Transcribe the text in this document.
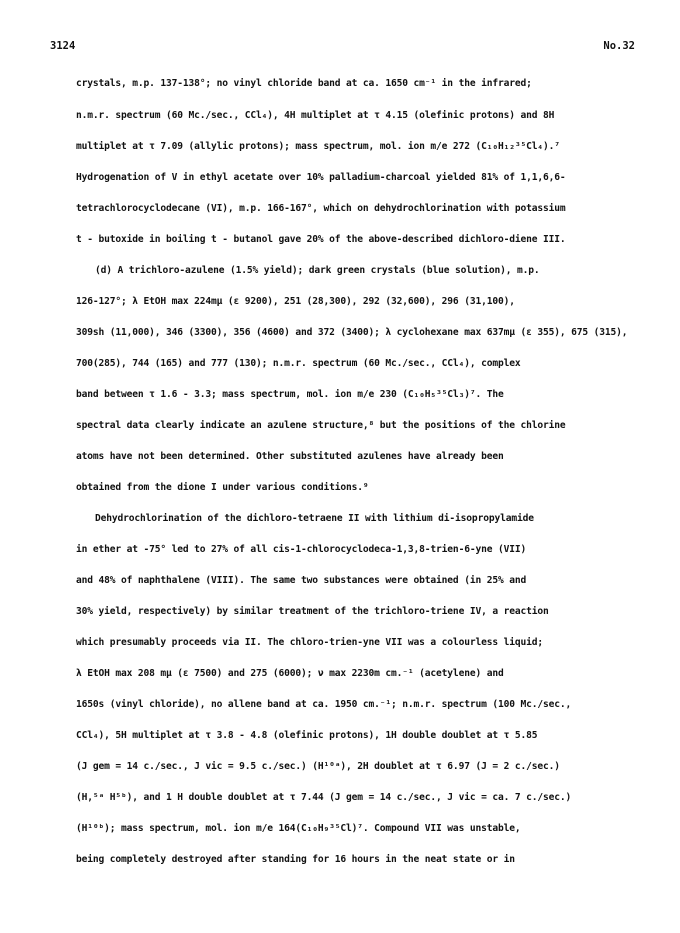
3124	No.32
crystals, m.p. 137-138°; no vinyl chloride band at ca. 1650 cm⁻¹ in the infrared;
n.m.r. spectrum (60 Mc./sec., CCl₄), 4H multiplet at τ 4.15 (olefinic protons) and 8H
multiplet at τ 7.09 (allylic protons); mass spectrum, mol. ion m/e 272 (C₁₀H₁₂³⁵Cl₄).⁷
Hydrogenation of V in ethyl acetate over 10% palladium-charcoal yielded 81% of 1,1,6,6-
tetrachlorocyclodecane (VI), m.p. 166-167°, which on dehydrochlorination with potassium
t - butoxide in boiling t - butanol gave 20% of the above-described dichloro-diene III.
(d) A trichloro-azulene (1.5% yield); dark green crystals (blue solution), m.p.
126-127°; λ EtOH max 224mμ (ε 9200), 251 (28,300), 292 (32,600), 296 (31,100),
309sh (11,000), 346 (3300), 356 (4600) and 372 (3400); λ cyclohexane max 637mμ (ε 355), 675 (315),
700(285), 744 (165) and 777 (130); n.m.r. spectrum (60 Mc./sec., CCl₄), complex
band between τ 1.6 - 3.3; mass spectrum, mol. ion m/e 230 (C₁₀H₅³⁵Cl₃)⁷. The
spectral data clearly indicate an azulene structure,⁸ but the positions of the chlorine
atoms have not been determined. Other substituted azulenes have already been
obtained from the dione I under various conditions.⁹
Dehydrochlorination of the dichloro-tetraene II with lithium di-isopropylamide
in ether at -75° led to 27% of all cis-1-chlorocyclodeca-1,3,8-trien-6-yne (VII)
and 48% of naphthalene (VIII). The same two substances were obtained (in 25% and
30% yield, respectively) by similar treatment of the trichloro-triene IV, a reaction
which presumably proceeds via II. The chloro-trien-yne VII was a colourless liquid;
λ EtOH max 208 mμ (ε 7500) and 275 (6000); ν max 2230m cm.⁻¹ (acetylene) and
1650s (vinyl chloride), no allene band at ca. 1950 cm.⁻¹; n.m.r. spectrum (100 Mc./sec.,
CCl₄), 5H multiplet at τ 3.8 - 4.8 (olefinic protons), 1H double doublet at τ 5.85
(J gem = 14 c./sec., J vic = 9.5 c./sec.) (H¹⁰ᵃ), 2H doublet at τ 6.97 (J = 2 c./sec.)
(H,⁵ᵃ H⁵ᵇ), and 1 H double doublet at τ 7.44 (J gem = 14 c./sec., J vic = ca. 7 c./sec.)
(H¹⁰ᵇ); mass spectrum, mol. ion m/e 164(C₁₀H₉³⁵Cl)⁷. Compound VII was unstable,
being completely destroyed after standing for 16 hours in the neat state or in
